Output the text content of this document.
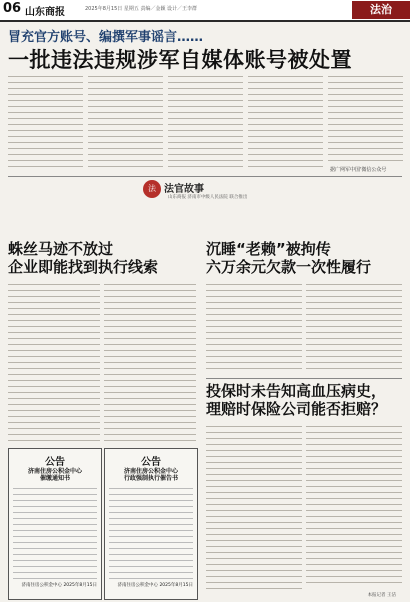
06 山东商报	2025年8月15日 星期五 责编／金颖 设计／王李群	法治
冒充官方账号、编撰军事谣言……
一批违法违规涉军自媒体账号被处置
据广网军中国'微信公众号
法 法官故事
山东商报 济南市中级人民法院 联合推出
蛛丝马迹不放过
企业即能找到执行线索
公告
济南住房公积金中心
催缴通知书
济南住房公积金中心 2025年8月15日
公告
济南住房公积金中心
行政强制执行催告书
济南住房公积金中心 2025年8月15日
沉睡“老赖”被拘传
六万余元欠款一次性履行
投保时未告知高血压病史，
理赔时保险公司能否拒赔？
本报记者 王洁
